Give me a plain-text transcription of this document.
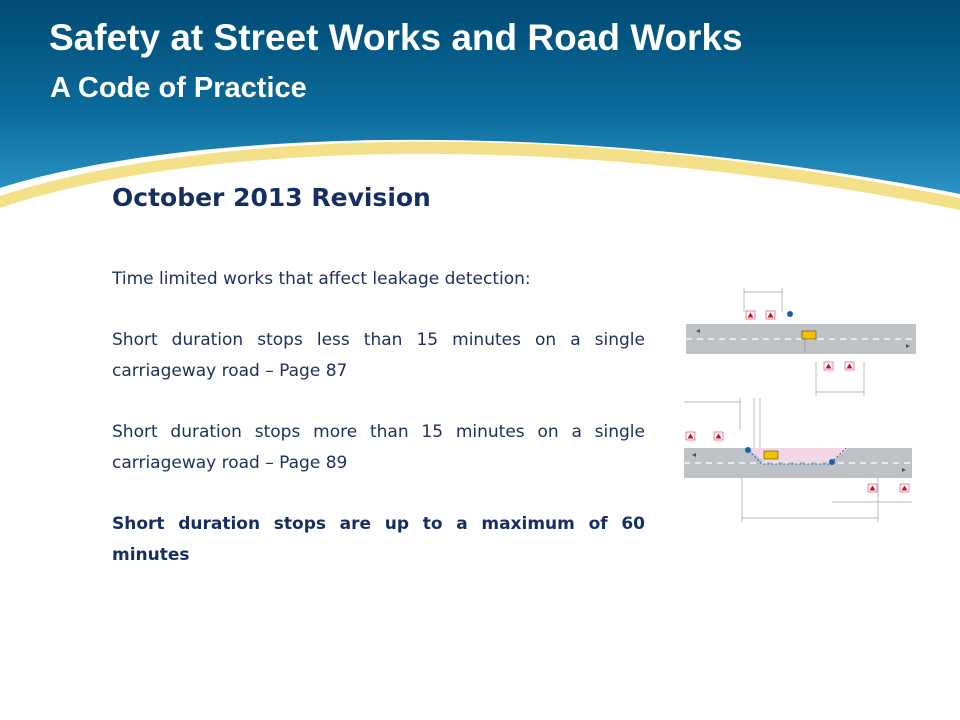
Safety at Street Works and Road Works
A Code of Practice
October 2013 Revision

Time limited works that affect leakage detection:

Short duration stops less than 15 minutes on a single carriageway road – Page 87

Short duration stops more than 15 minutes on a single carriageway road – Page 89

Short duration stops are up to a maximum of 60 minutes
